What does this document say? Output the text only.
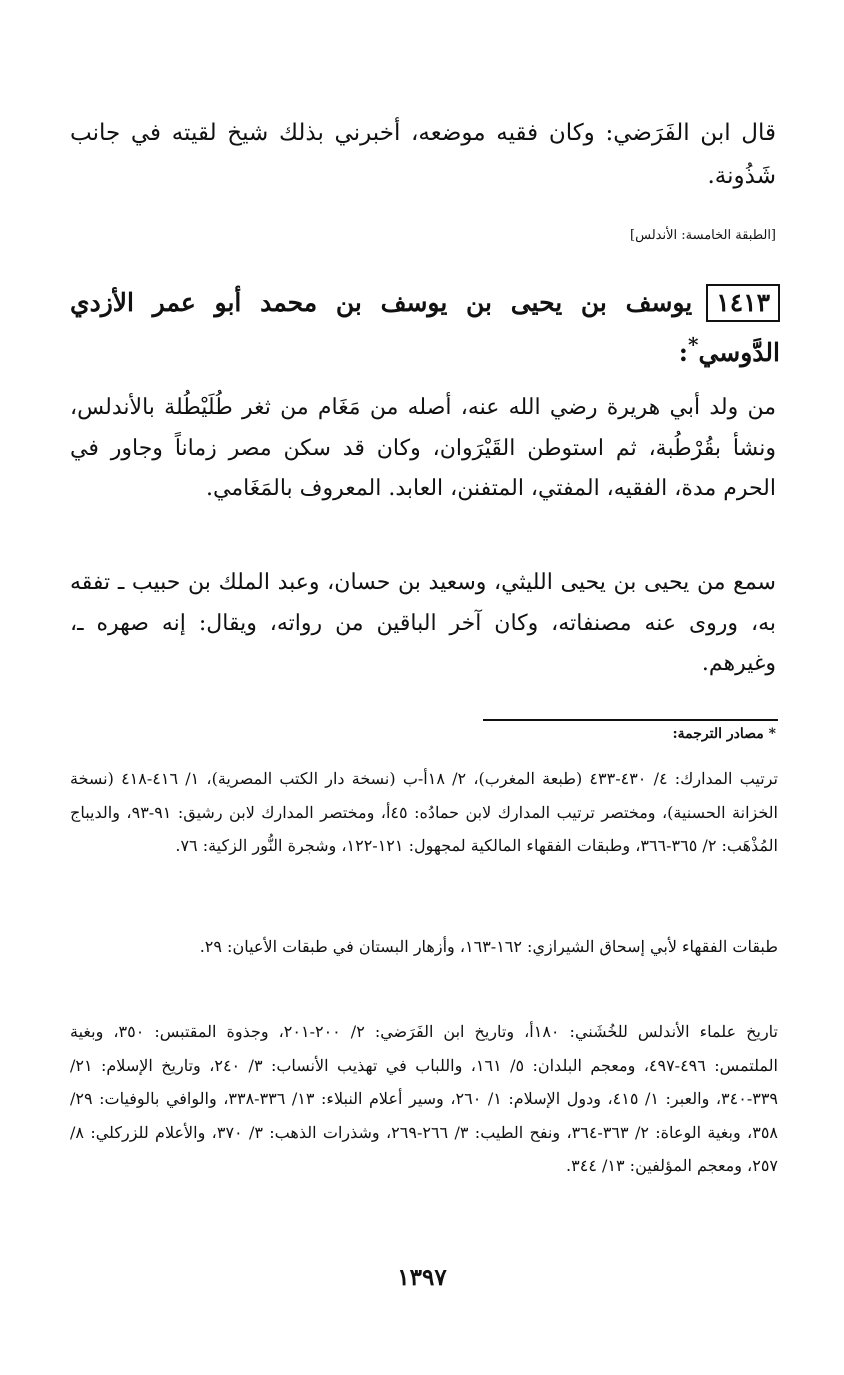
قال ابن الفَرَضي: وكان فقيه موضعه، أخبرني بذلك شيخ لقيته في جانب شَذُونة.

[الطبقة الخامسة: الأندلس]

١٤١٣يوسف بن يحيى بن يوسف بن محمد أبو عمر الأزدي الدَّوسي*:

من ولد أبي هريرة رضي الله عنه، أصله من مَغَام من ثغر طُلَيْطُلة بالأندلس، ونشأ بقُرْطُبة، ثم استوطن القَيْرَوان، وكان قد سكن مصر زماناً وجاور في الحرم مدة، الفقيه، المفتي، المتفنن، العابد. المعروف بالمَغَامي.

سمع من يحيى بن يحيى الليثي، وسعيد بن حسان، وعبد الملك بن حبيب ـ تفقه به، وروى عنه مصنفاته، وكان آخر الباقين من رواته، ويقال: إنه صهره ـ، وغيرهم.

* مصادر الترجمة:

ترتيب المدارك: ٤/ ٤٣٠-٤٣٣ (طبعة المغرب)، ٢/ ١٨أ-ب (نسخة دار الكتب المصرية)، ١/ ٤١٦-٤١٨ (نسخة الخزانة الحسنية)، ومختصر ترتيب المدارك لابن حمادُه: ٤٥أ، ومختصر المدارك لابن رشيق: ٩١-٩٣، والديباج المُذْهَب: ٢/ ٣٦٥-٣٦٦، وطبقات الفقهاء المالكية لمجهول: ١٢١-١٢٢، وشجرة النُّور الزكية: ٧٦.

طبقات الفقهاء لأبي إسحاق الشيرازي: ١٦٢-١٦٣، وأزهار البستان في طبقات الأعيان: ٢٩.

تاريخ علماء الأندلس للخُشَني: ١٨٠أ، وتاريخ ابن الفَرَضي: ٢/ ٢٠٠-٢٠١، وجذوة المقتبس: ٣٥٠، وبغية الملتمس: ٤٩٦-٤٩٧، ومعجم البلدان: ٥/ ١٦١، واللباب في تهذيب الأنساب: ٣/ ٢٤٠، وتاريخ الإسلام: ٢١/ ٣٣٩-٣٤٠، والعبر: ١/ ٤١٥، ودول الإسلام: ١/ ٢٦٠، وسير أعلام النبلاء: ١٣/ ٣٣٦-٣٣٨، والوافي بالوفيات: ٢٩/ ٣٥٨، وبغية الوعاة: ٢/ ٣٦٣-٣٦٤، ونفح الطيب: ٣/ ٢٦٦-٢٦٩، وشذرات الذهب: ٣/ ٣٧٠، والأعلام للزركلي: ٨/ ٢٥٧، ومعجم المؤلفين: ١٣/ ٣٤٤.

١٣٩٧
